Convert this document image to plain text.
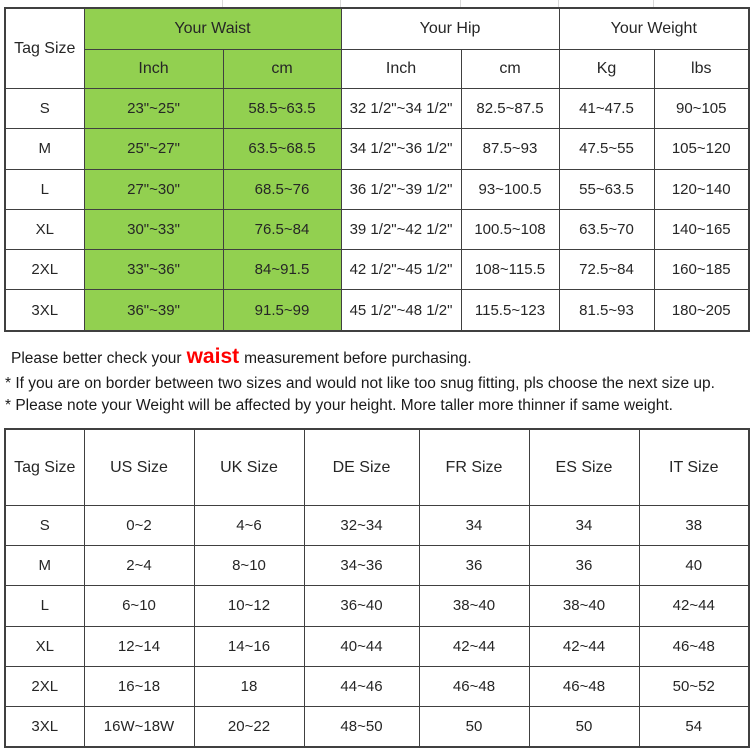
Tag Size	Your Waist		Your Hip		Your Weight	
	Inch	cm	Inch	cm	Kg	lbs
S	23"~25"	58.5~63.5	32 1/2"~34 1/2"	82.5~87.5	41~47.5	90~105
M	25"~27"	63.5~68.5	34 1/2"~36 1/2"	87.5~93	47.5~55	105~120
L	27"~30"	68.5~76	36 1/2"~39 1/2"	93~100.5	55~63.5	120~140
XL	30"~33"	76.5~84	39 1/2"~42 1/2"	100.5~108	63.5~70	140~165
2XL	33"~36"	84~91.5	42 1/2"~45 1/2"	108~115.5	72.5~84	160~185
3XL	36"~39"	91.5~99	45 1/2"~48 1/2"	115.5~123	81.5~93	180~205
Please better check your waist measurement before purchasing.
* If you are on border between two sizes and would not like too snug fitting, pls choose the next size up.
* Please note your Weight will be affected by your height. More taller more thinner if same weight.
Tag Size	US Size	UK Size	DE Size	FR Size	ES Size	IT Size
S	0~2	4~6	32~34	34	34	38
M	2~4	8~10	34~36	36	36	40
L	6~10	10~12	36~40	38~40	38~40	42~44
XL	12~14	14~16	40~44	42~44	42~44	46~48
2XL	16~18	18	44~46	46~48	46~48	50~52
3XL	16W~18W	20~22	48~50	50	50	54
